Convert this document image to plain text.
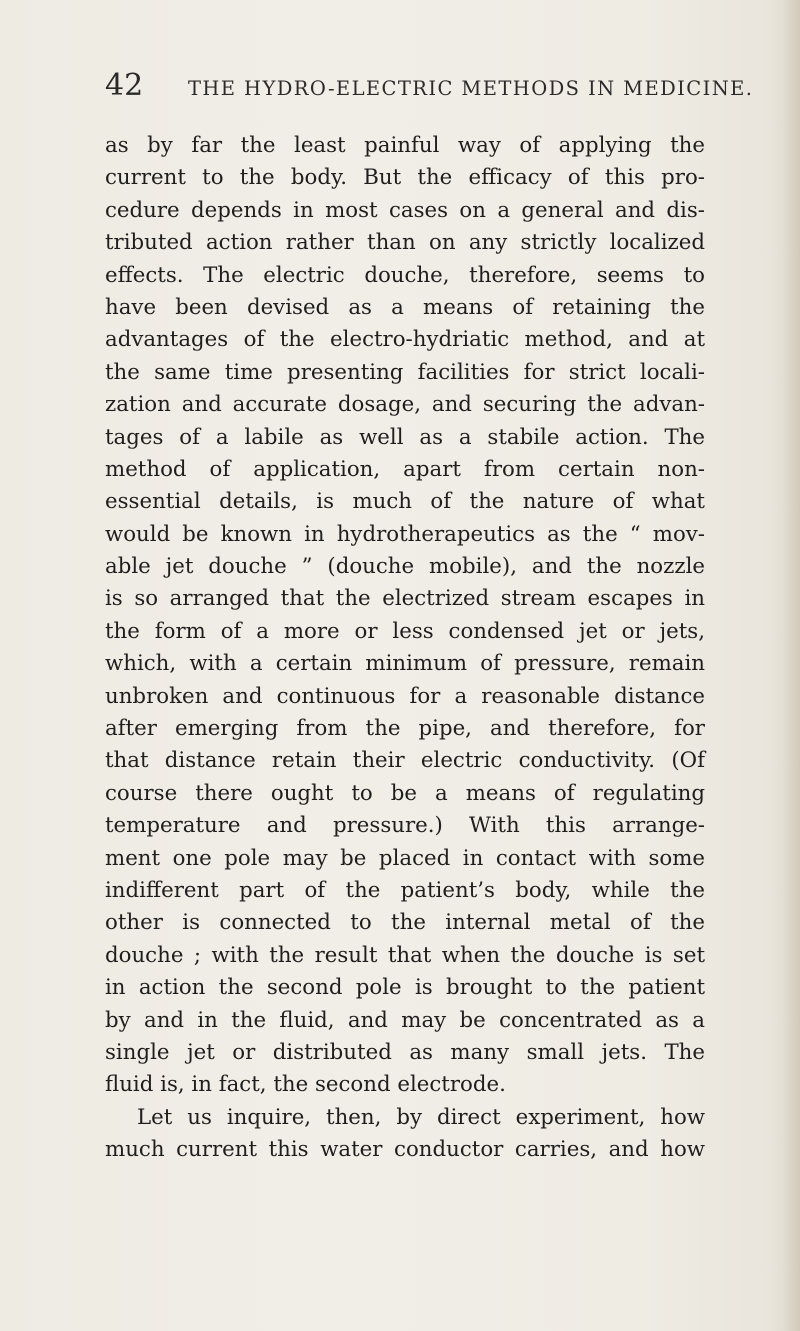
42 THE HYDRO-ELECTRIC METHODS IN MEDICINE.
as by far the least painful way of applying the
current to the body. But the efficacy of this pro-
cedure depends in most cases on a general and dis-
tributed action rather than on any strictly localized
effects. The electric douche, therefore, seems to
have been devised as a means of retaining the
advantages of the electro-hydriatic method, and at
the same time presenting facilities for strict locali-
zation and accurate dosage, and securing the advan-
tages of a labile as well as a stabile action. The
method of application, apart from certain non-
essential details, is much of the nature of what
would be known in hydrotherapeutics as the “ mov-
able jet douche ” (douche mobile), and the nozzle
is so arranged that the electrized stream escapes in
the form of a more or less condensed jet or jets,
which, with a certain minimum of pressure, remain
unbroken and continuous for a reasonable distance
after emerging from the pipe, and therefore, for
that distance retain their electric conductivity. (Of
course there ought to be a means of regulating
temperature and pressure.) With this arrange-
ment one pole may be placed in contact with some
indifferent part of the patient’s body, while the
other is connected to the internal metal of the
douche ; with the result that when the douche is set
in action the second pole is brought to the patient
by and in the fluid, and may be concentrated as a
single jet or distributed as many small jets. The
fluid is, in fact, the second electrode.
Let us inquire, then, by direct experiment, how
much current this water conductor carries, and how
